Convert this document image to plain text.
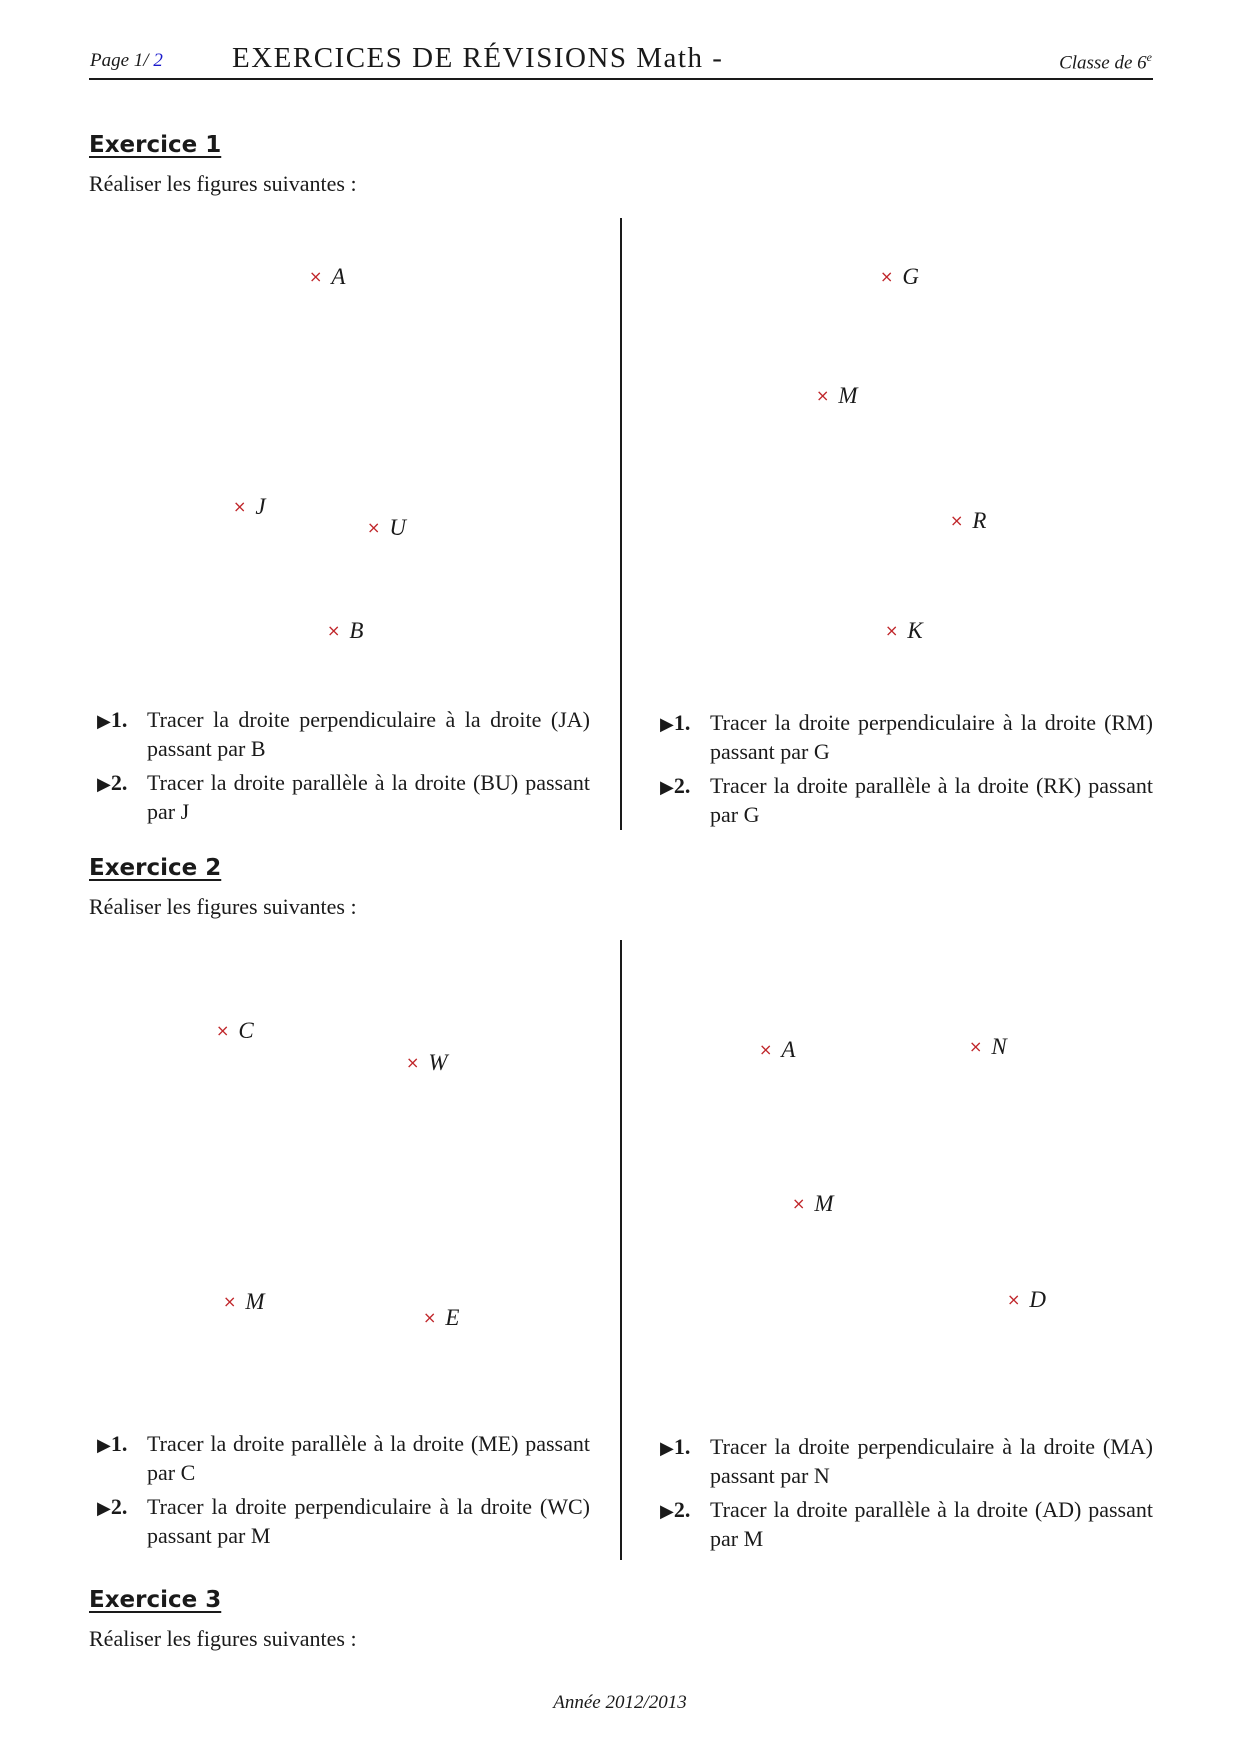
Page 1/ 2 EXERCICES DE RÉVISIONS Math -	Classe de 6e
Exercice 1
Réaliser les figures suivantes :
× A
× J
× U
× B
× G
× M
× R
× K
▶1. Tracer la droite perpendiculaire à la droite (JA) passant par B
▶2. Tracer la droite parallèle à la droite (BU) passant par J
▶1. Tracer la droite perpendiculaire à la droite (RM) passant par G
▶2. Tracer la droite parallèle à la droite (RK) passant par G
Exercice 2
Réaliser les figures suivantes :
× C
× W
× M
× E
× A	× N
× M
× D
▶1. Tracer la droite parallèle à la droite (ME) passant par C
▶2. Tracer la droite perpendiculaire à la droite (WC) passant par M
▶1. Tracer la droite perpendiculaire à la droite (MA) passant par N
▶2. Tracer la droite parallèle à la droite (AD) passant par M
Exercice 3
Réaliser les figures suivantes :
Année 2012/2013
